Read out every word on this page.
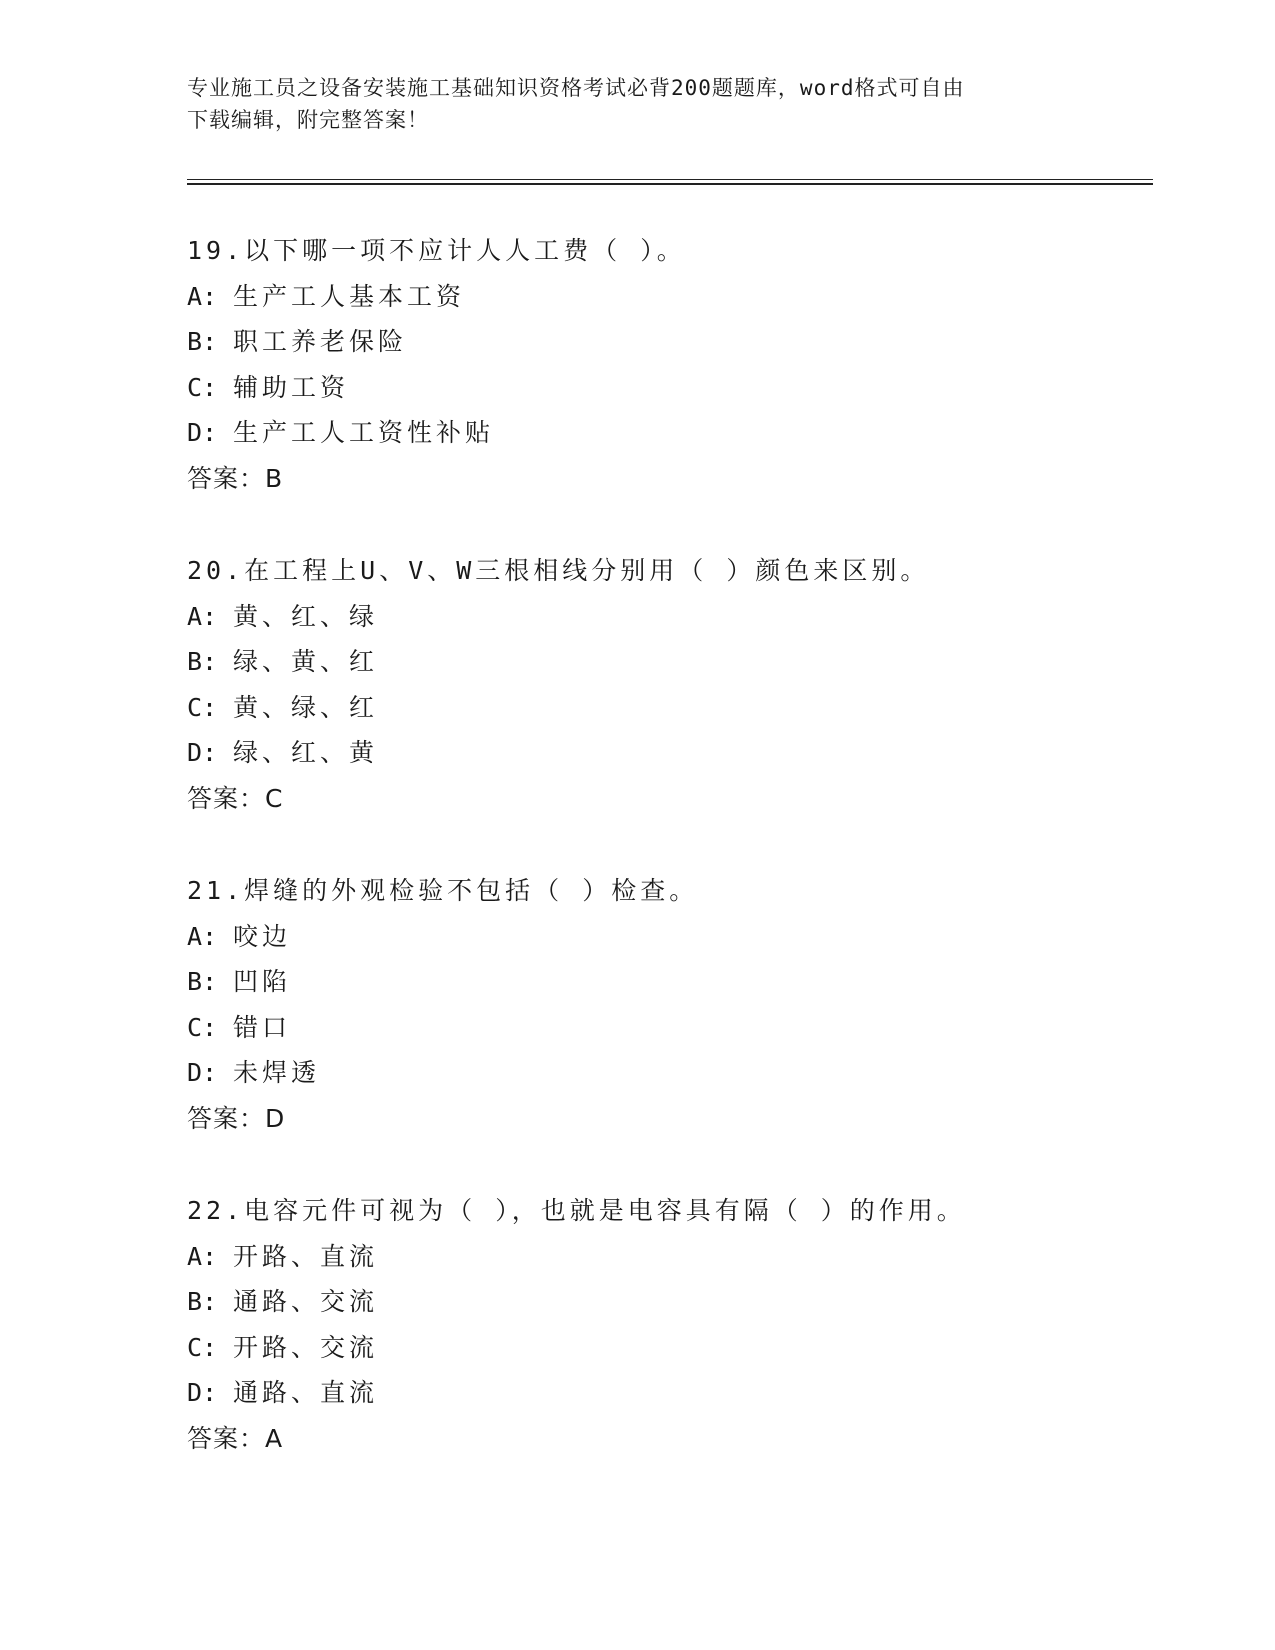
专业施工员之设备安装施工基础知识资格考试必背200题题库，word格式可自由
下载编辑，附完整答案！
19.以下哪一项不应计人人工费（ ）。
A: 生产工人基本工资
B: 职工养老保险
C: 辅助工资
D: 生产工人工资性补贴
答案：B
20.在工程上U、V、W三根相线分别用（ ）颜色来区别。
A: 黄、红、绿
B: 绿、黄、红
C: 黄、绿、红
D: 绿、红、黄
答案：C
21.焊缝的外观检验不包括（ ）检查。
A: 咬边
B: 凹陷
C: 错口
D: 未焊透
答案：D
22.电容元件可视为（ ），也就是电容具有隔（ ）的作用。
A: 开路、直流
B: 通路、交流
C: 开路、交流
D: 通路、直流
答案：A
